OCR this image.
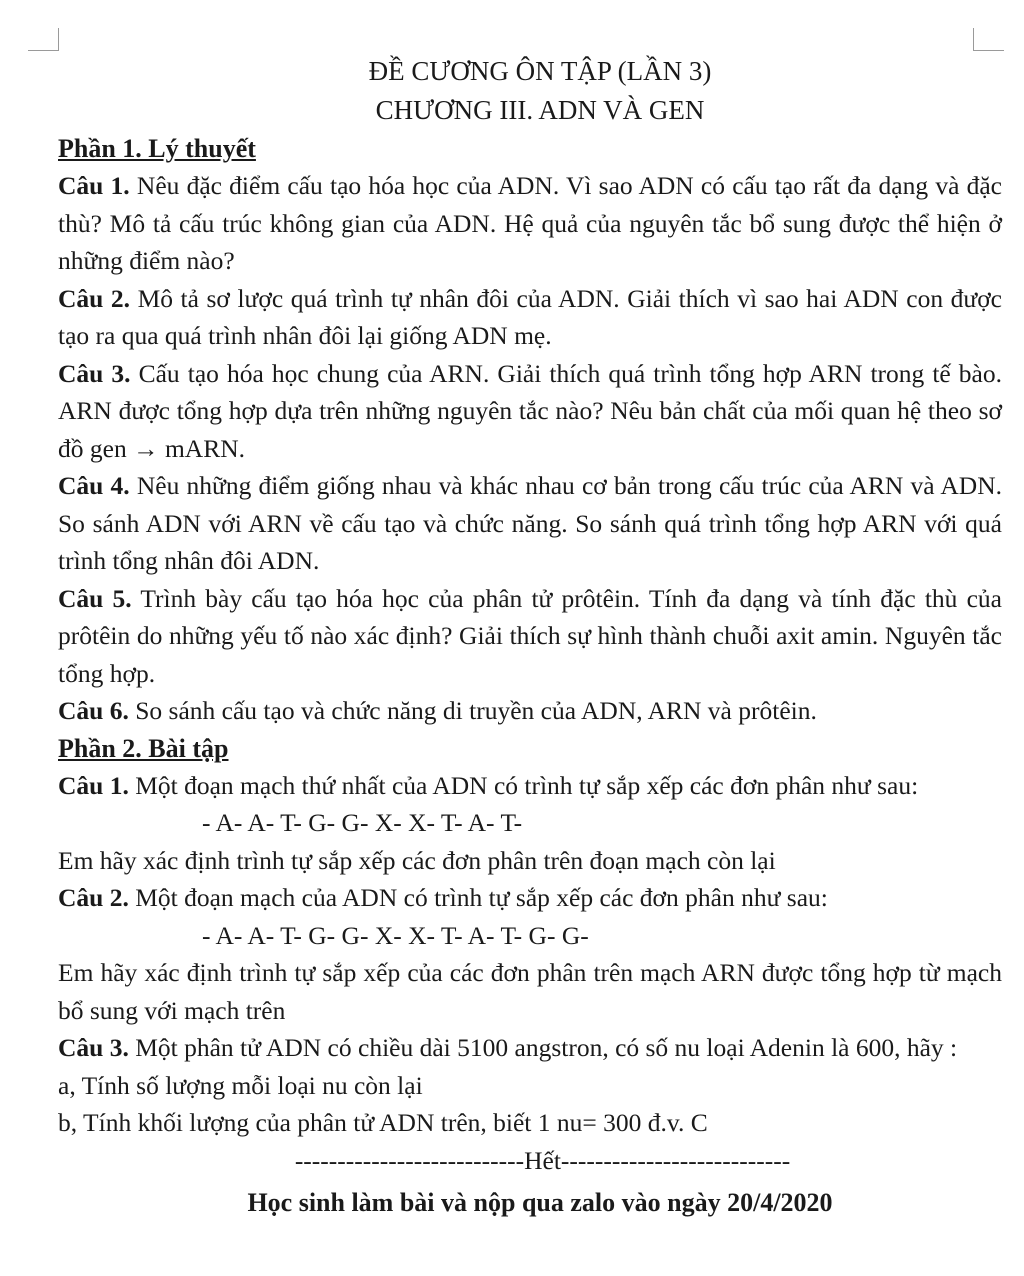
ĐỀ CƯƠNG ÔN TẬP (LẦN 3)

CHƯƠNG III. ADN VÀ GEN

Phần 1. Lý thuyết

Câu 1. Nêu đặc điểm cấu tạo hóa học của ADN. Vì sao ADN có cấu tạo rất đa dạng và đặc thù? Mô tả cấu trúc không gian của ADN. Hệ quả của nguyên tắc bổ sung được thể hiện ở những điểm nào?

Câu 2. Mô tả sơ lược quá trình tự nhân đôi của ADN. Giải thích vì sao hai ADN con được tạo ra qua quá trình nhân đôi lại giống ADN mẹ.

Câu 3. Cấu tạo hóa học chung của ARN. Giải thích quá trình tổng hợp ARN trong tế bào. ARN được tổng hợp dựa trên những nguyên tắc nào? Nêu bản chất của mối quan hệ theo sơ đồ gen → mARN.

Câu 4. Nêu những điểm giống nhau và khác nhau cơ bản trong cấu trúc của ARN và ADN. So sánh ADN với ARN về cấu tạo và chức năng. So sánh quá trình tổng hợp ARN với quá trình tổng nhân đôi ADN.

Câu 5. Trình bày cấu tạo hóa học của phân tử prôtêin. Tính đa dạng và tính đặc thù của prôtêin do những yếu tố nào xác định? Giải thích sự hình thành chuỗi axit amin. Nguyên tắc tổng hợp.

Câu 6. So sánh cấu tạo và chức năng di truyền của ADN, ARN và prôtêin.

Phần 2. Bài tập

Câu 1. Một đoạn mạch thứ nhất của ADN có trình tự sắp xếp các đơn phân như sau:

- A- A- T- G- G- X- X- T- A- T-

Em hãy xác định trình tự sắp xếp các đơn phân trên đoạn mạch còn lại

Câu 2. Một đoạn mạch của ADN có trình tự sắp xếp các đơn phân như sau:

- A- A- T- G- G- X- X- T- A- T- G- G-

Em hãy xác định trình tự sắp xếp của các đơn phân trên mạch ARN được tổng hợp từ mạch bổ sung với mạch trên

Câu 3. Một phân tử ADN có chiều dài 5100 angstron, có số nu loại Adenin là 600, hãy :

a, Tính số lượng mỗi loại nu còn lại

b, Tính khối lượng của phân tử ADN trên, biết 1 nu= 300 đ.v. C

---------------------------Hết---------------------------

Học sinh làm bài và nộp qua zalo vào ngày 20/4/2020
